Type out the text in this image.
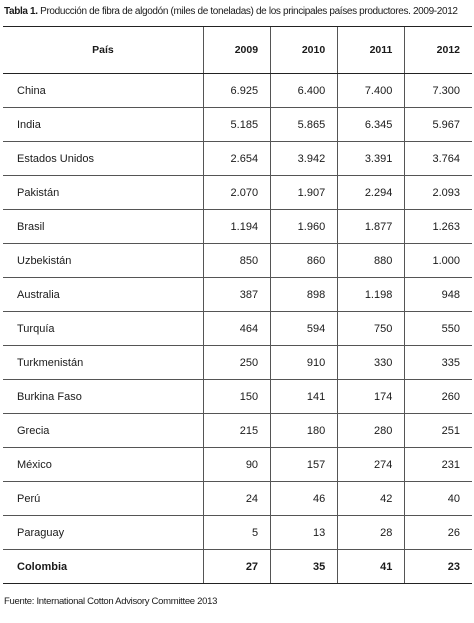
Tabla 1. Producción de fibra de algodón (miles de toneladas) de los principales países productores. 2009-2012
País	2009	2010	2011	2012
China	6.925	6.400	7.400	7.300
India	5.185	5.865	6.345	5.967
Estados Unidos	2.654	3.942	3.391	3.764
Pakistán	2.070	1.907	2.294	2.093
Brasil	1.194	1.960	1.877	1.263
Uzbekistán	850	860	880	1.000
Australia	387	898	1.198	948
Turquía	464	594	750	550
Turkmenistán	250	910	330	335
Burkina Faso	150	141	174	260
Grecia	215	180	280	251
México	90	157	274	231
Perú	24	46	42	40
Paraguay	5	13	28	26
Colombia	27	35	41	23
Fuente: International Cotton Advisory Committee 2013
